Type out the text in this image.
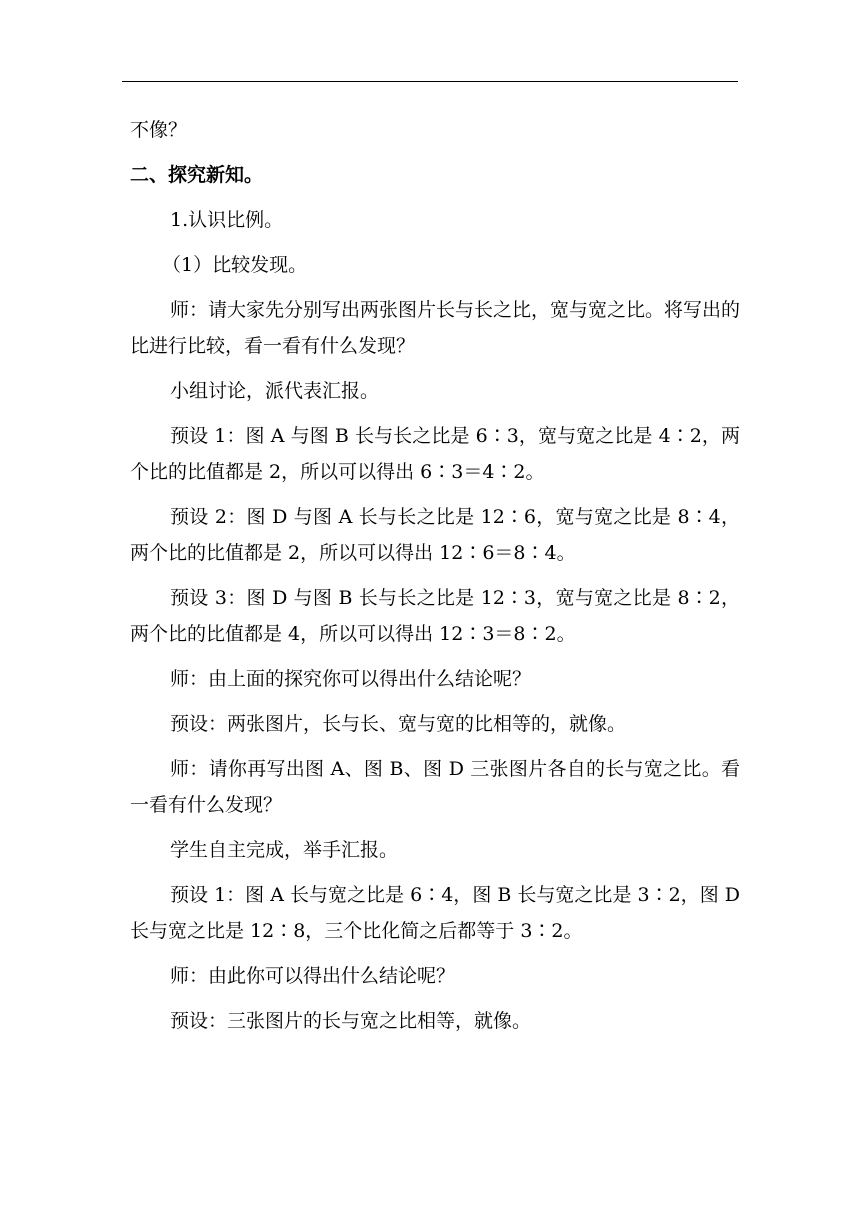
不像？

二、探究新知。

1.认识比例。

（1）比较发现。

师：请大家先分别写出两张图片长与长之比，宽与宽之比。将写出的比进行比较，看一看有什么发现？

小组讨论，派代表汇报。

预设 1：图 A 与图 B 长与长之比是 6∶3，宽与宽之比是 4∶2，两个比的比值都是 2，所以可以得出 6∶3＝4∶2。

预设 2：图 D 与图 A 长与长之比是 12∶6，宽与宽之比是 8∶4，两个比的比值都是 2，所以可以得出 12∶6＝8∶4。

预设 3：图 D 与图 B 长与长之比是 12∶3，宽与宽之比是 8∶2，两个比的比值都是 4，所以可以得出 12∶3＝8∶2。

师：由上面的探究你可以得出什么结论呢？

预设：两张图片，长与长、宽与宽的比相等的，就像。

师：请你再写出图 A、图 B、图 D 三张图片各自的长与宽之比。看一看有什么发现？

学生自主完成，举手汇报。

预设 1：图 A 长与宽之比是 6∶4，图 B 长与宽之比是 3∶2，图 D 长与宽之比是 12∶8，三个比化简之后都等于 3∶2。

师：由此你可以得出什么结论呢？

预设：三张图片的长与宽之比相等，就像。
